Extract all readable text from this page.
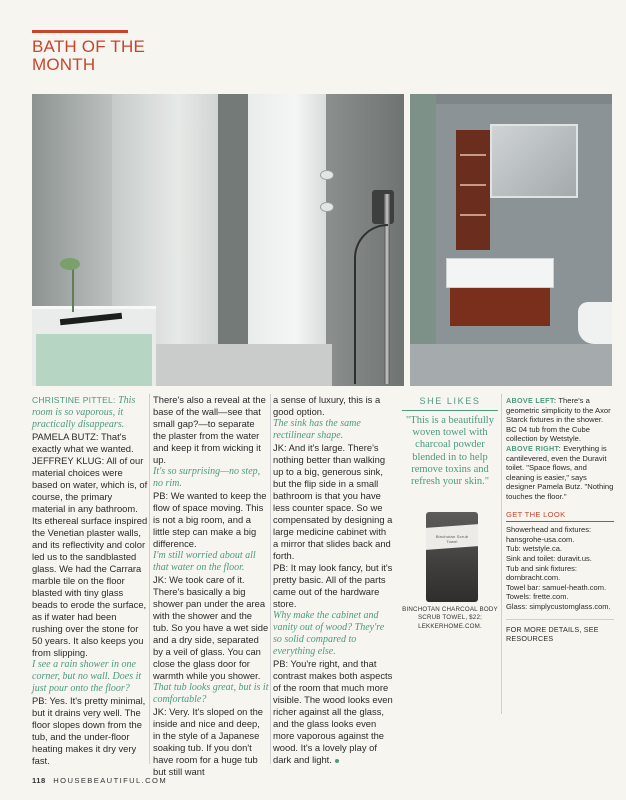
BATH OF THE MONTH
CHRISTINE PITTEL: This room is so vaporous, it practically disappears.

PAMELA BUTZ: That's exactly what we wanted.
JEFFREY KLUG: All of our material choices were based on water, which is, of course, the primary material in any bathroom. Its ethereal surface inspired the Venetian plaster walls, and its reflectivity and color led us to the sandblasted glass. We had the Carrara marble tile on the floor blasted with tiny glass beads to erode the surface, as if water had been rushing over the stone for 50 years. It also keeps you from slipping.

I see a rain shower in one corner, but no wall. Does it just pour onto the floor?

PB: Yes. It's pretty minimal, but it drains very well. The floor slopes down from the tub, and the under-floor heating makes it dry very fast.

There's also a reveal at the base of the wall—see that small gap?—to separate the plaster from the water and keep it from wicking it up.

It's so surprising—no step, no rim.

PB: We wanted to keep the flow of space moving. This is not a big room, and a little step can make a big difference.

I'm still worried about all that water on the floor.

JK: We took care of it. There's basically a big shower pan under the area with the shower and the tub. So you have a wet side and a dry side, separated by a veil of glass. You can close the glass door for warmth while you shower.

That tub looks great, but is it comfortable?

JK: Very. It's sloped on the inside and nice and deep, in the style of a Japanese soaking tub. If you don't have room for a huge tub but still want

a sense of luxury, this is a good option.

The sink has the same rectilinear shape.

JK: And it's large. There's nothing better than walking up to a big, generous sink, but the flip side in a small bathroom is that you have less counter space. So we compensated by designing a large medicine cabinet with a mirror that slides back and forth.
PB: It may look fancy, but it's pretty basic. All of the parts came out of the hardware store.

Why make the cabinet and vanity out of wood? They're so solid compared to everything else.

PB: You're right, and that contrast makes both aspects of the room that much more visible. The wood looks even richer against all the glass, and the glass looks even more vaporous against the wood. It's a lovely play of dark and light.

SHE LIKES
"This is a beautifully woven towel with charcoal powder blended in to help remove toxins and refresh your skin."
Binchotan Scrub Towel
BINCHOTAN CHARCOAL BODY SCRUB TOWEL, $22; LEKKERHOME.COM.
ABOVE LEFT: There's a geometric simplicity to the Axor Starck fixtures in the shower. BC 04 tub from the Cube collection by Wetstyle.
ABOVE RIGHT: Everything is cantilevered, even the Duravit toilet. "Space flows, and cleaning is easier," says designer Pamela Butz. "Nothing touches the floor."
GET THE LOOK
Showerhead and fixtures: hansgrohe-usa.com.
Tub: wetstyle.ca.
Sink and toilet: duravit.us.
Tub and sink fixtures: dornbracht.com.
Towel bar: samuel-heath.com.
Towels: frette.com.
Glass: simplycustomglass.com.
FOR MORE DETAILS, SEE RESOURCES
118 HOUSEBEAUTIFUL.COM
